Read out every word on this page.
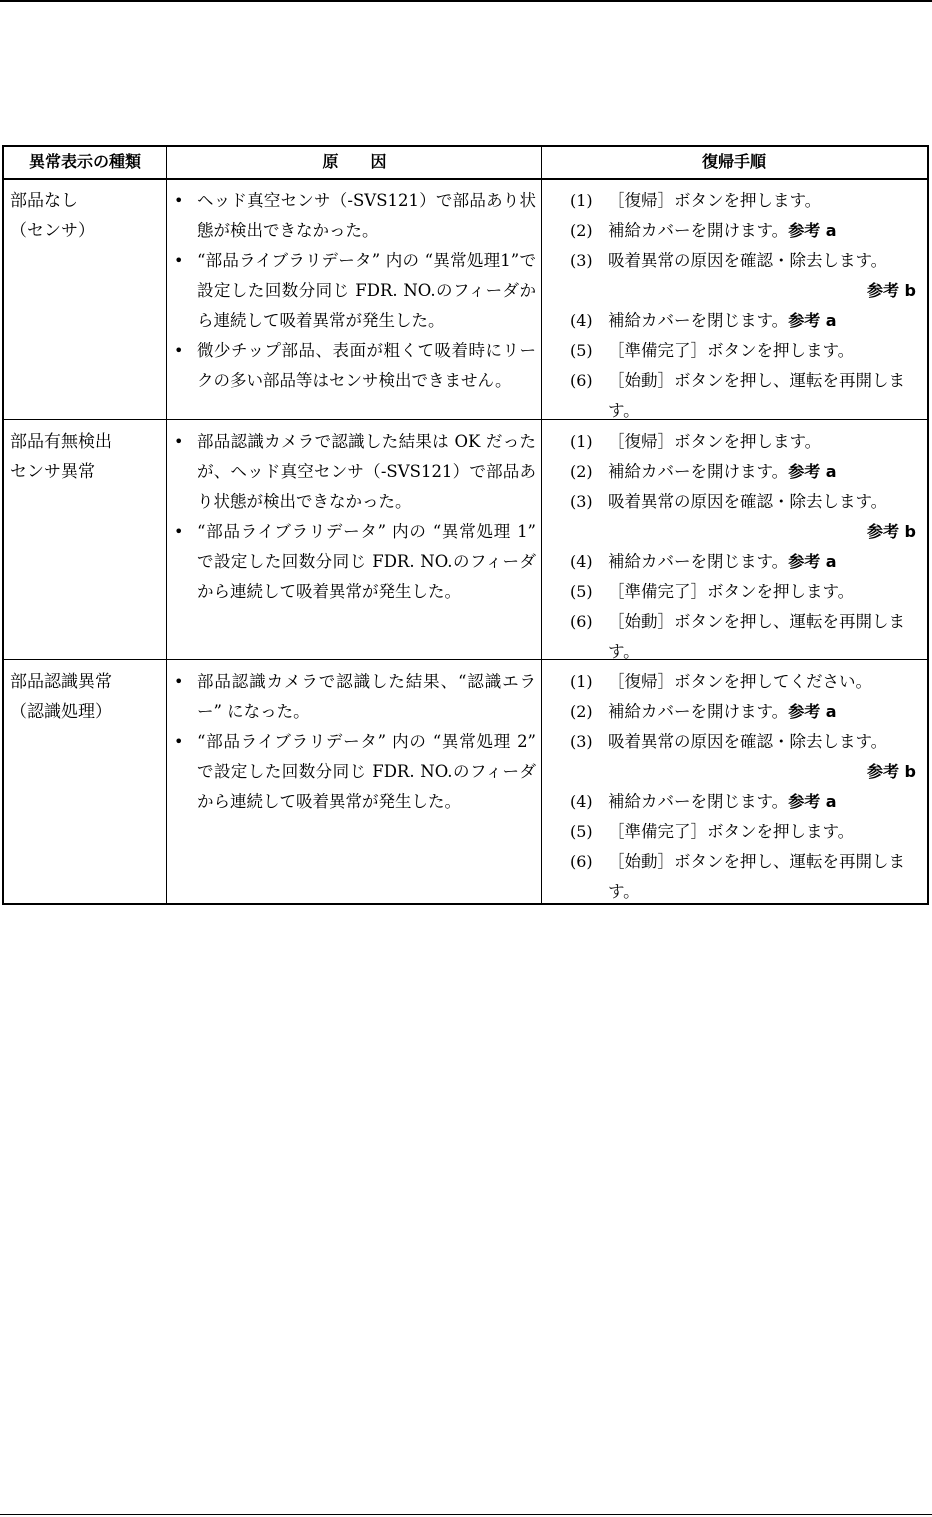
異常表示の種類	原　　因	復帰手順
部品なし
（センサ）
• ヘッド真空センサ（-SVS121）で部品あり状態が検出できなかった。
• “部品ライブラリデータ” 内の “異常処理1”で設定した回数分同じ FDR. NO.のフィーダから連続して吸着異常が発生した。
• 微少チップ部品、表面が粗くて吸着時にリークの多い部品等はセンサ検出できません。
(1) ［復帰］ボタンを押します。
(2) 補給カバーを開けます。参考 a
(3) 吸着異常の原因を確認・除去します。
参考 b
(4) 補給カバーを閉じます。参考 a
(5) ［準備完了］ボタンを押します。
(6) ［始動］ボタンを押し、運転を再開します。
部品有無検出
センサ異常
• 部品認識カメラで認識した結果は OK だったが、ヘッド真空センサ（-SVS121）で部品あり状態が検出できなかった。
• “部品ライブラリデータ” 内の “異常処理 1” で設定した回数分同じ FDR. NO.のフィーダから連続して吸着異常が発生した。
(1) ［復帰］ボタンを押します。
(2) 補給カバーを開けます。参考 a
(3) 吸着異常の原因を確認・除去します。
参考 b
(4) 補給カバーを閉じます。参考 a
(5) ［準備完了］ボタンを押します。
(6) ［始動］ボタンを押し、運転を再開します。
部品認識異常
（認識処理）
• 部品認識カメラで認識した結果、“認識エラー” になった。
• “部品ライブラリデータ” 内の “異常処理 2” で設定した回数分同じ FDR. NO.のフィーダから連続して吸着異常が発生した。
(1) ［復帰］ボタンを押してください。
(2) 補給カバーを開けます。参考 a
(3) 吸着異常の原因を確認・除去します。
参考 b
(4) 補給カバーを閉じます。参考 a
(5) ［準備完了］ボタンを押します。
(6) ［始動］ボタンを押し、運転を再開します。
